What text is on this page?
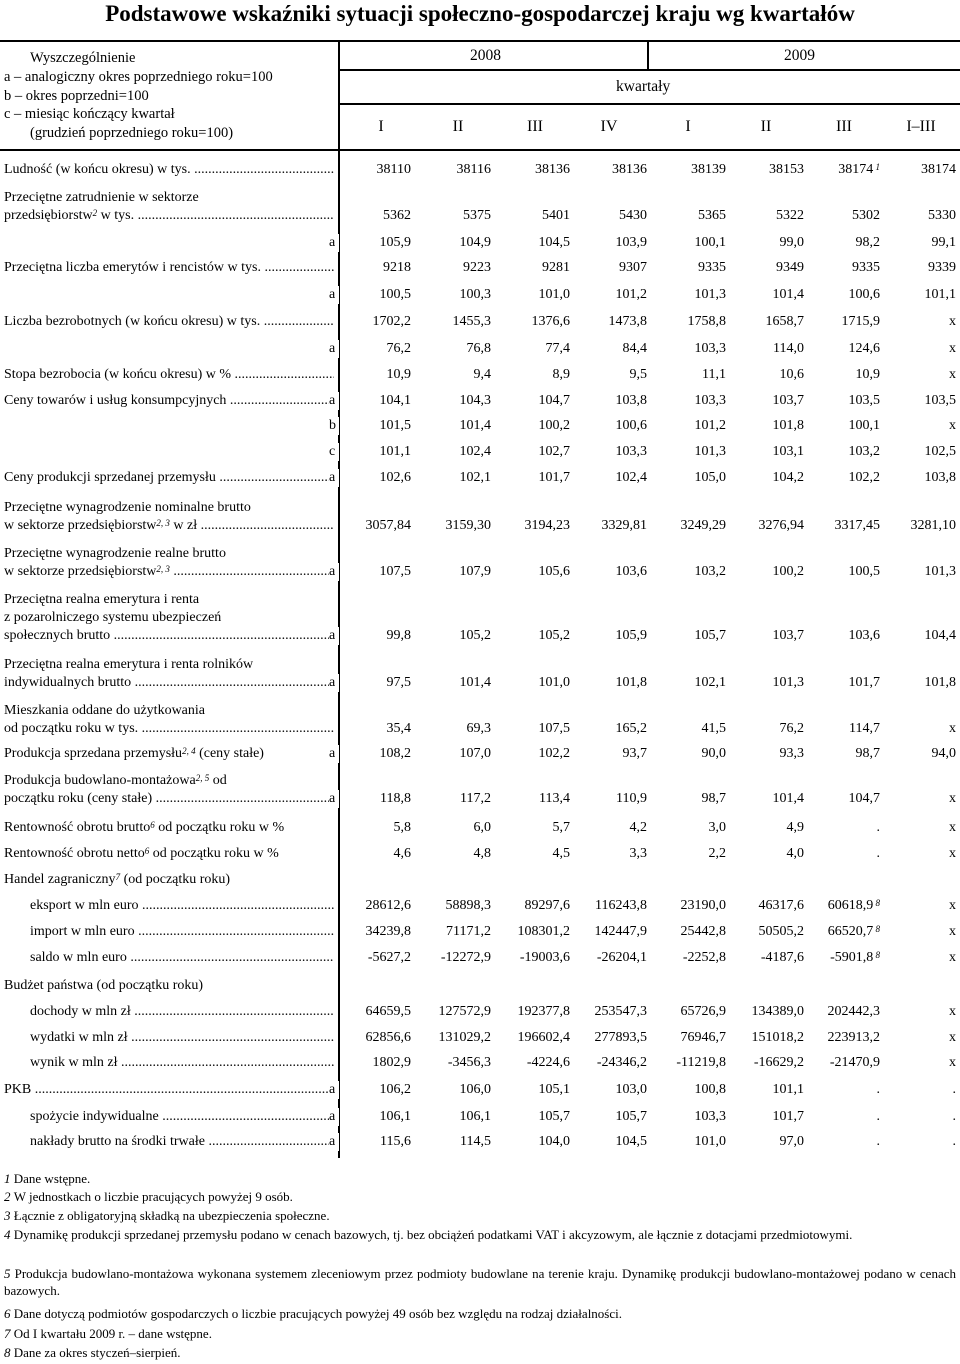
Podstawowe wskaźniki sytuacji społeczno-gospodarczej kraju wg kwartałów
Wyszczególnienie
a – analogiczny okres poprzedniego roku=100
b – okres poprzedni=100
c – miesiąc kończący kwartał
(grudzień poprzedniego roku=100)
2008	2009
kwartały
I	II	III	IV	I	II	III	I–III
Ludność (w końcu okresu) w tys. .....	38110	38116	38136	38136	38139	38153 38174 $^1$	38174
Przeciętne zatrudnienie w sektorze
przedsiębiorstw$^2$ w tys. .....	5362	5375	5401	5430	5365	5322	5302	5330
a	105,9	104,9	104,5	103,9	100,1	99,0	98,2	99,1
Przeciętna liczba emerytów i rencistów w tys. .....	9218	9223	9281	9307	9335	9349	9335	9339
a	100,5	100,3	101,0	101,2	101,3	101,4	100,6	101,1
Liczba bezrobotnych (w końcu okresu) w tys. .....	1702,2	1455,3	1376,6	1473,8	1758,8	1658,7	1715,9	x
a	76,2	76,8	77,4	84,4	103,3	114,0	124,6	x
Stopa bezrobocia (w końcu okresu) w % .....	10,9	9,4	8,9	9,5	11,1	10,6	10,9	x
Ceny towarów i usług konsumpcyjnych .....	a	104,1	104,3	104,7	103,8	103,3	103,7	103,5	103,5
b	101,5	101,4	100,2	100,6	101,2	101,8	100,1	x
c	101,1	102,4	102,7	103,3	101,3	103,1	103,2	102,5
Ceny produkcji sprzedanej przemysłu .....	a	102,6	102,1	101,7	102,4	105,0	104,2	102,2	103,8
Przeciętne wynagrodzenie nominalne brutto
w sektorze przedsiębiorstw$^{2, 3}$ w zł .....	3057,84 3159,30 3194,23 3329,81 3249,29 3276,94 3317,45 3281,10
Przeciętne wynagrodzenie realne brutto
w sektorze przedsiębiorstw$^{2, 3}$ .....	a	107,5	107,9	105,6	103,6	103,2	100,2	100,5	101,3
Przeciętna realna emerytura i renta
z pozarolniczego systemu ubezpieczeń
społecznych brutto .....	a	99,8	105,2	105,2	105,9	105,7	103,7	103,6	104,4
Przeciętna realna emerytura i renta rolników
indywidualnych brutto .....	a	97,5	101,4	101,0	101,8	102,1	101,3	101,7	101,8
Mieszkania oddane do użytkowania
od początku roku w tys. .....	35,4	69,3	107,5	165,2	41,5	76,2	114,7	x
Produkcja sprzedana przemysłu$^{2, 4}$ (ceny stałe)	a	108,2	107,0	102,2	93,7	90,0	93,3	98,7	94,0
Produkcja budowlano-montażowa$^{2, 5}$ od
początku roku (ceny stałe) .....	a	118,8	117,2	113,4	110,9	98,7	101,4	104,7	x
Rentowność obrotu brutto$^6$ od początku roku w %	5,8	6,0	5,7	4,2	3,0	4,9	.	x
Rentowność obrotu netto$^6$ od początku roku w %	4,6	4,8	4,5	3,3	2,2	4,0	.	x
Handel zagraniczny$^7$ (od początku roku)
eksport w mln euro .....	28612,6 58898,3 89297,6 116243,8 23190,0 46317,6 60618,9 $^8$	x
import w mln euro .....	34239,8	71171,2 108301,2 142447,9 25442,8 50505,2 66520,7 $^8$	x
saldo w mln euro .....	-5627,2 -12272,9 -19003,6 -26204,1	-2252,8 -4187,6 -5901,8 $^8$	x
Budżet państwa (od początku roku)
dochody w mln zł .....	64659,5 127572,9 192377,8 253547,3 65726,9 134389,0 202442,3	x
wydatki w mln zł .....	62856,6 131029,2 196602,4 277893,5 76946,7 151018,2 223913,2	x
wynik w mln zł .....	1802,9	-3456,3	-4224,6 -24346,2 -11219,8 -16629,2 -21470,9	x
PKB .....	a	106,2	106,0	105,1	103,0	100,8	101,1	.	.
spożycie indywidualne .....	a	106,1	106,1	105,7	105,7	103,3	101,7	.	.
nakłady brutto na środki trwałe .....	a	115,6	114,5	104,0	104,5	101,0	97,0	.	.
1 Dane wstępne.
2 W jednostkach o liczbie pracujących powyżej 9 osób.
3 Łącznie z obligatoryjną składką na ubezpieczenia społeczne.
4 Dynamikę produkcji sprzedanej przemysłu podano w cenach bazowych, tj. bez obciążeń podatkami VAT i akcyzowym, ale łącznie z dotacjami przedmiotowymi.
5 Produkcja budowlano-montażowa wykonana systemem zleceniowym przez podmioty budowlane na terenie kraju. Dynamikę produkcji budowlano-montażowej podano w cenach bazowych.
6 Dane dotyczą podmiotów gospodarczych o liczbie pracujących powyżej 49 osób bez względu na rodzaj działalności.
7 Od I kwartału 2009 r. – dane wstępne.
8 Dane za okres styczeń–sierpień.
